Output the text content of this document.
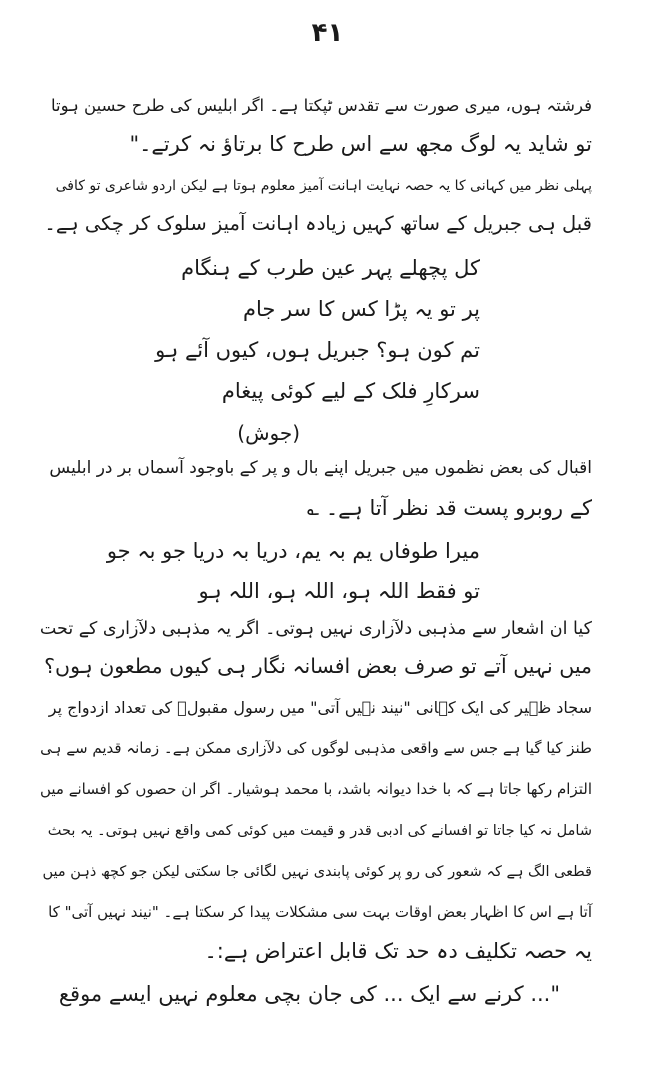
۴۱
فرشتہ ہوں، میری صورت سے تقدس ٹپکتا ہے۔ اگر ابلیس کی طرح حسین ہوتا
تو شاید یہ لوگ مجھ سے اس طرح کا برتاؤ نہ کرتے۔"
پہلی نظر میں کہانی کا یہ حصہ نہایت اہانت آمیز معلوم ہوتا ہے لیکن اردو شاعری تو کافی
قبل ہی جبریل کے ساتھ کہیں زیادہ اہانت آمیز سلوک کر چکی ہے۔
کل پچھلے پہر عین طرب کے ہنگام
پر تو یہ پڑا کس کا سر جام
تم کون ہو؟ جبریل ہوں، کیوں آئے ہو
سرکارِ فلک کے لیے کوئی پیغام
(جوش)
اقبال کی بعض نظموں میں جبریل اپنے بال و پر کے باوجود آسماں بر در ابلیس
کے روبرو پست قد نظر آتا ہے۔ ؎
میرا طوفاں یم بہ یم، دریا بہ دریا جو بہ جو
تو فقط اللہ ہو، اللہ ہو، اللہ ہو
کیا ان اشعار سے مذہبی دلآزاری نہیں ہوتی۔ اگر یہ مذہبی دلآزاری کے تحت
میں نہیں آتے تو صرف بعض افسانہ نگار ہی کیوں مطعون ہوں؟
سجاد ظہیر کی ایک کہانی "نیند نہیں آتی" میں رسول مقبولؐ کی تعداد ازدواج پر
طنز کیا گیا ہے جس سے واقعی مذہبی لوگوں کی دلآزاری ممکن ہے۔ زمانہ قدیم سے ہی
التزام رکھا جاتا ہے کہ با خدا دیوانہ باشد، با محمد ہوشیار۔ اگر ان حصوں کو افسانے میں
شامل نہ کیا جاتا تو افسانے کی ادبی قدر و قیمت میں کوئی کمی واقع نہیں ہوتی۔ یہ بحث
قطعی الگ ہے کہ شعور کی رو پر کوئی پابندی نہیں لگائی جا سکتی لیکن جو کچھ ذہن میں
آتا ہے اس کا اظہار بعض اوقات بہت سی مشکلات پیدا کر سکتا ہے۔ "نیند نہیں آتی" کا
یہ حصہ تکلیف دہ حد تک قابل اعتراض ہے:۔
"... کرنے سے ایک ... کی جان بچی معلوم نہیں ایسے موقع
